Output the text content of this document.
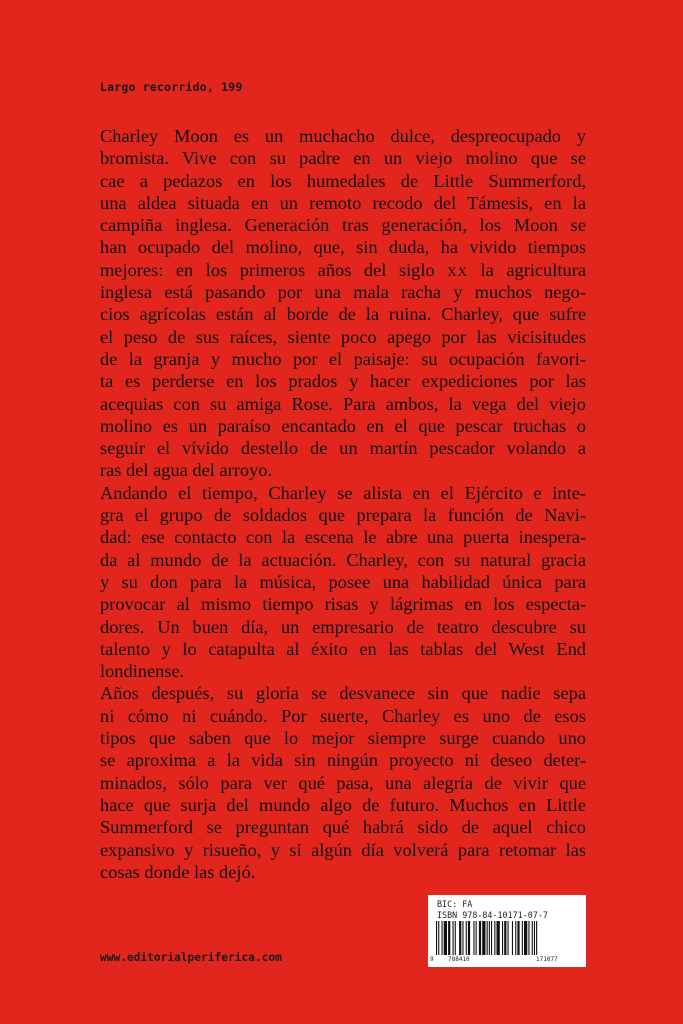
Largo recorrido, 199

Charley Moon es un muchacho dulce, despreocupado y
bromista. Vive con su padre en un viejo molino que se
cae a pedazos en los humedales de Little Summerford,
una aldea situada en un remoto recodo del Támesis, en la
campiña inglesa. Generación tras generación, los Moon se
han ocupado del molino, que, sin duda, ha vivido tiempos
mejores: en los primeros años del siglo xx la agricultura
inglesa está pasando por una mala racha y muchos nego-
cios agrícolas están al borde de la ruina. Charley, que sufre
el peso de sus raíces, siente poco apego por las vicisitudes
de la granja y mucho por el paisaje: su ocupación favori-
ta es perderse en los prados y hacer expediciones por las
acequias con su amiga Rose. Para ambos, la vega del viejo
molino es un paraíso encantado en el que pescar truchas o
seguir el vívido destello de un martín pescador volando a
ras del agua del arroyo.

Andando el tiempo, Charley se alista en el Ejército e inte-
gra el grupo de soldados que prepara la función de Navi-
dad: ese contacto con la escena le abre una puerta inespera-
da al mundo de la actuación. Charley, con su natural gracia
y su don para la música, posee una habilidad única para
provocar al mismo tiempo risas y lágrimas en los especta-
dores. Un buen día, un empresario de teatro descubre su
talento y lo catapulta al éxito en las tablas del West End
londinense.

Años después, su gloria se desvanece sin que nadie sepa
ni cómo ni cuándo. Por suerte, Charley es uno de esos
tipos que saben que lo mejor siempre surge cuando uno
se aproxima a la vida sin ningún proyecto ni deseo deter-
minados, sólo para ver qué pasa, una alegría de vivir que
hace que surja del mundo algo de futuro. Muchos en Little
Summerford se preguntan qué habrá sido de aquel chico
expansivo y risueño, y si algún día volverá para retomar las
cosas donde las dejó.

BIC: FA
ISBN 978-84-10171-07-7
9 788410	171077
www.editorialperiferica.com
